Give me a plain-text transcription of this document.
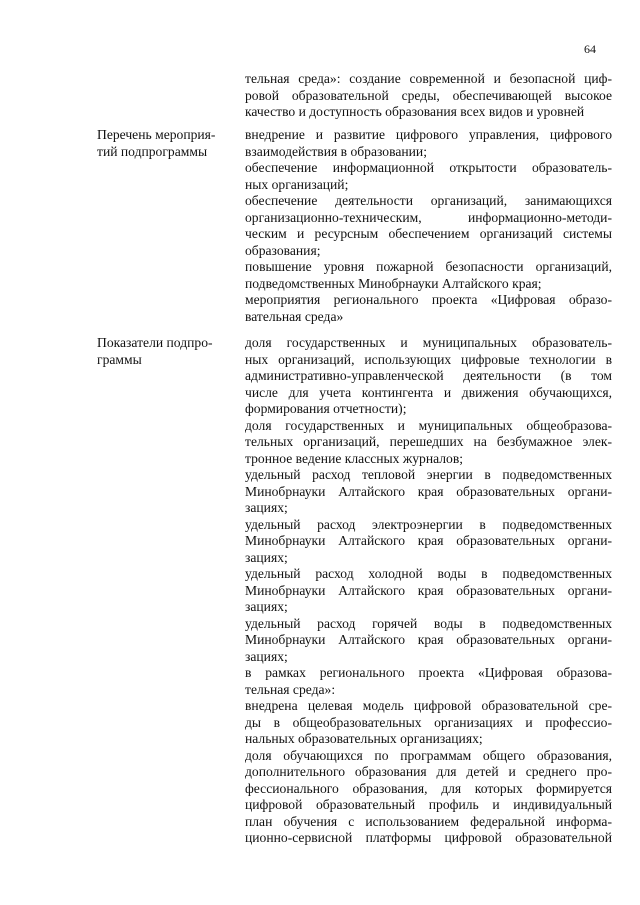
64
тельная среда»: создание современной и безопасной циф-
ровой образовательной среды, обеспечивающей высокое
качество и доступность образования всех видов и уровней
Перечень мероприя-
тий подпрограммы
внедрение и развитие цифрового управления, цифрового
взаимодействия в образовании;
обеспечение информационной открытости образователь-
ных организаций;
обеспечение деятельности организаций, занимающихся
организационно-техническим, информационно-методи-
ческим и ресурсным обеспечением организаций системы
образования;
повышение уровня пожарной безопасности организаций,
подведомственных Минобрнауки Алтайского края;
мероприятия регионального проекта «Цифровая образо-
вательная среда»
Показатели подпро-
граммы
доля государственных и муниципальных образователь-
ных организаций, использующих цифровые технологии в
административно-управленческой деятельности (в том
числе для учета контингента и движения обучающихся,
формирования отчетности);
доля государственных и муниципальных общеобразова-
тельных организаций, перешедших на безбумажное элек-
тронное ведение классных журналов;
удельный расход тепловой энергии в подведомственных
Минобрнауки Алтайского края образовательных органи-
зациях;
удельный расход электроэнергии в подведомственных
Минобрнауки Алтайского края образовательных органи-
зациях;
удельный расход холодной воды в подведомственных
Минобрнауки Алтайского края образовательных органи-
зациях;
удельный расход горячей воды в подведомственных
Минобрнауки Алтайского края образовательных органи-
зациях;
в рамках регионального проекта «Цифровая образова-
тельная среда»:
внедрена целевая модель цифровой образовательной сре-
ды в общеобразовательных организациях и профессио-
нальных образовательных организациях;
доля обучающихся по программам общего образования,
дополнительного образования для детей и среднего про-
фессионального образования, для которых формируется
цифровой образовательный профиль и индивидуальный
план обучения с использованием федеральной информа-
ционно-сервисной платформы цифровой образовательной
